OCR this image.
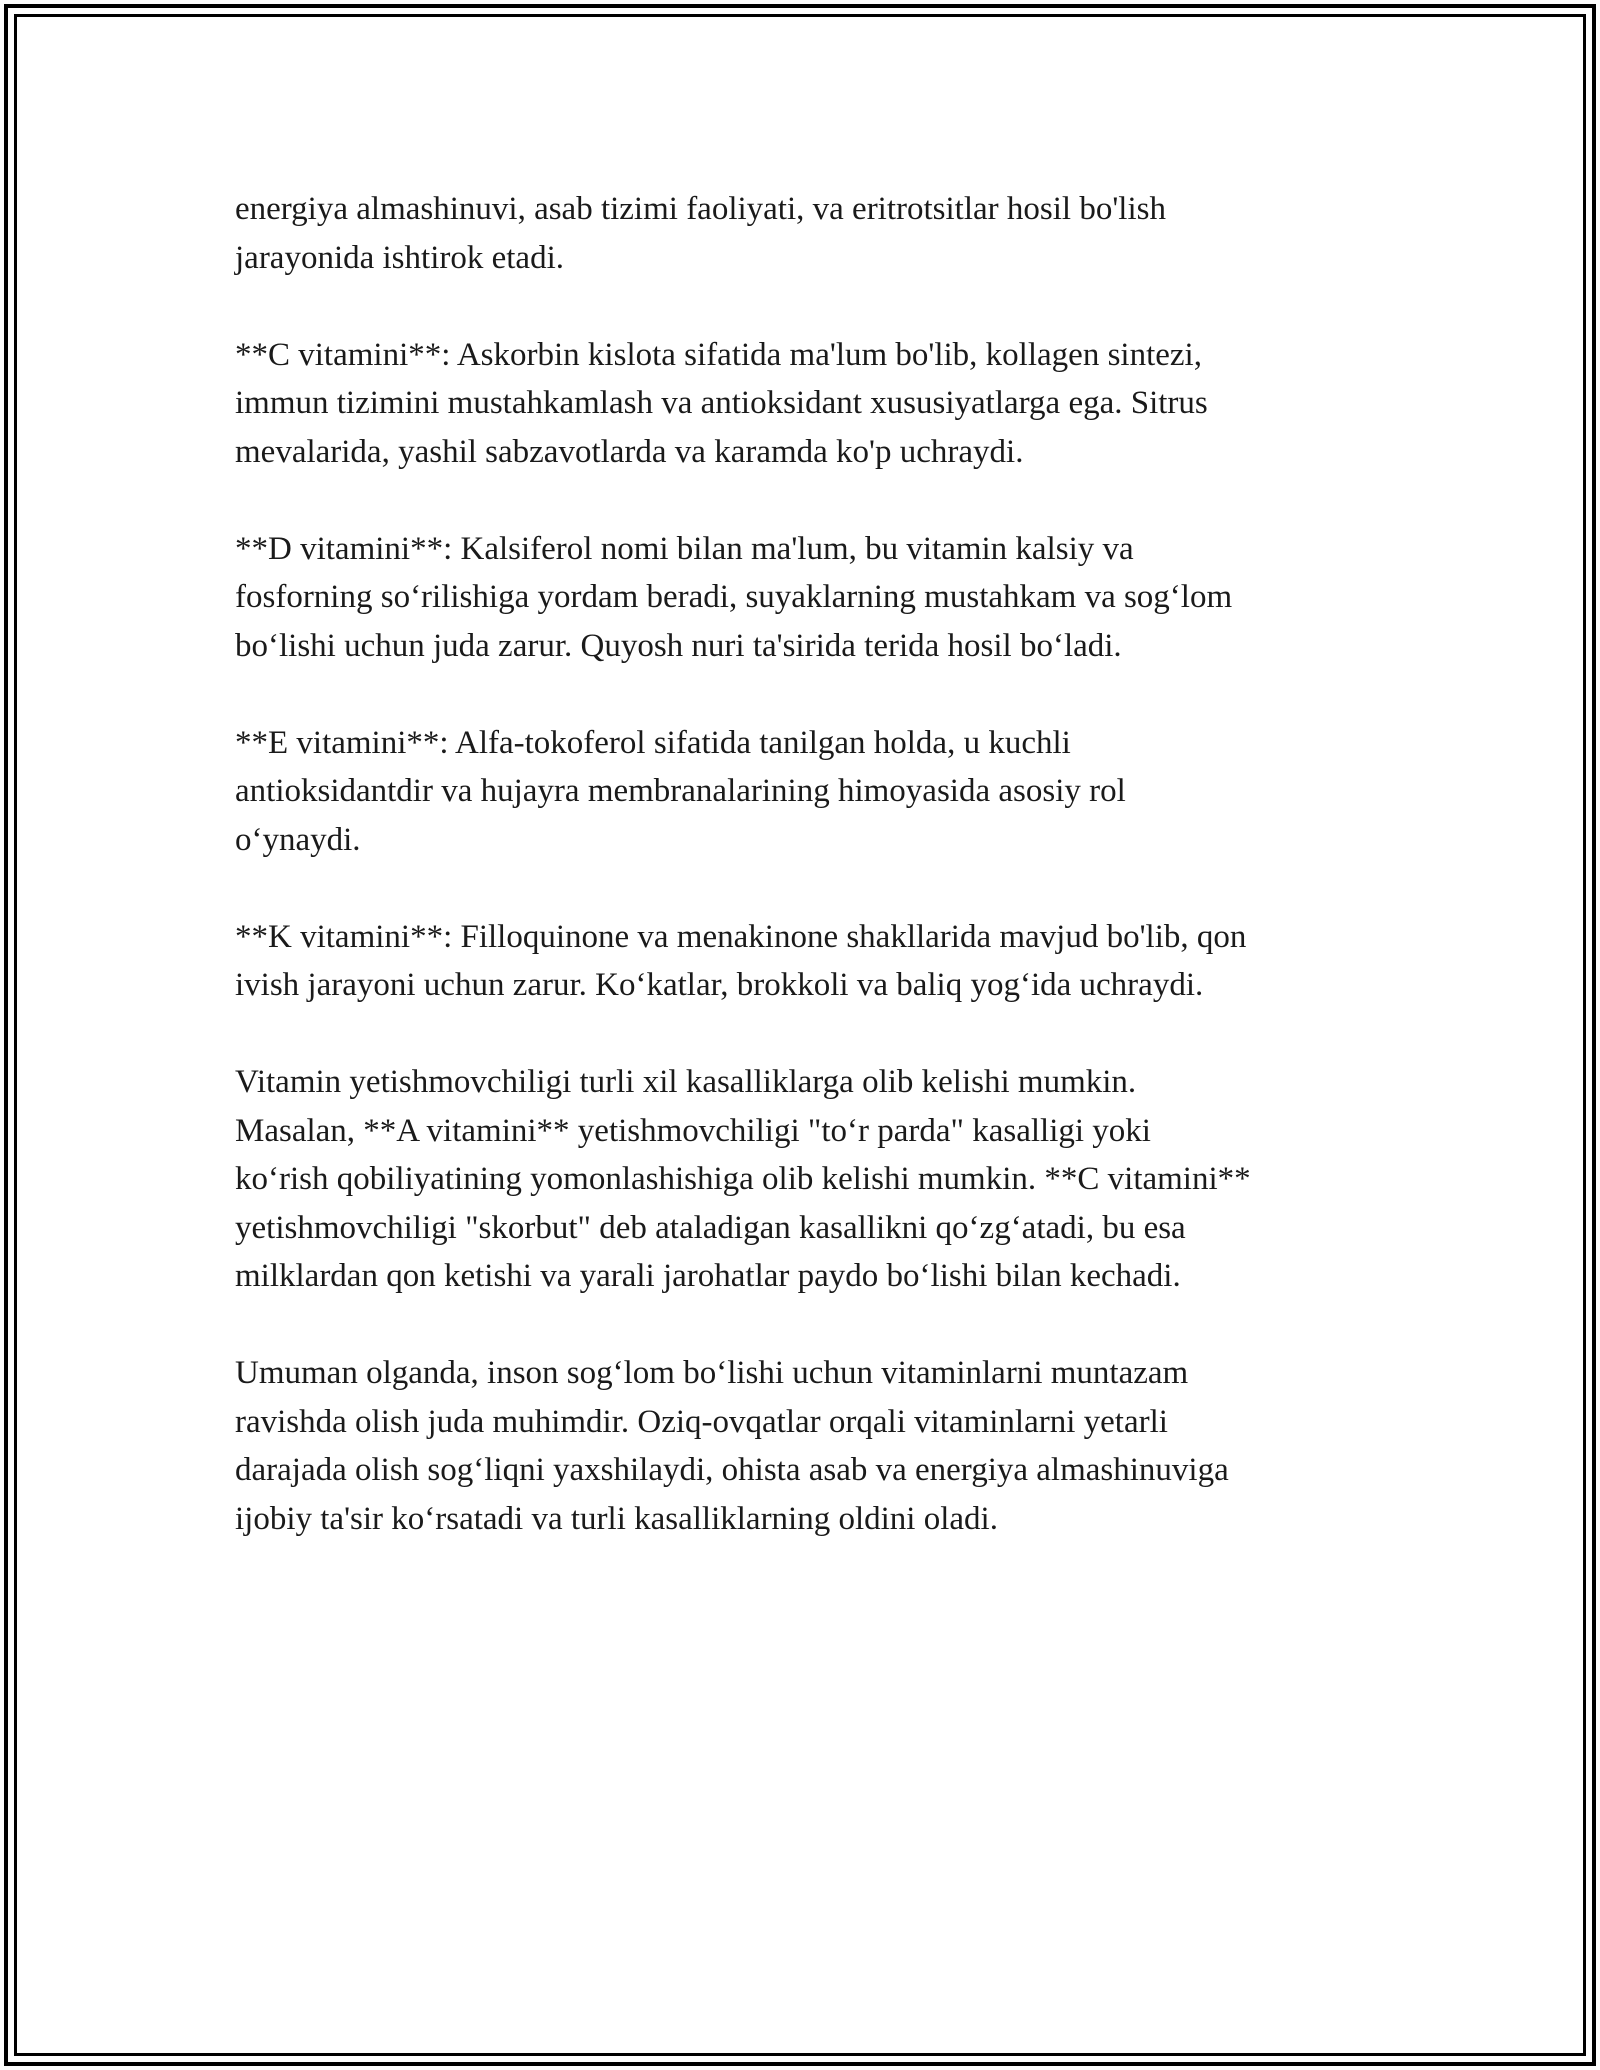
energiya almashinuvi, asab tizimi faoliyati, va eritrotsitlar hosil bo'lish
jarayonida ishtirok etadi.

**C vitamini**: Askorbin kislota sifatida ma'lum bo'lib, kollagen sintezi,
immun tizimini mustahkamlash va antioksidant xususiyatlarga ega. Sitrus
mevalarida, yashil sabzavotlarda va karamda ko'p uchraydi.

**D vitamini**: Kalsiferol nomi bilan ma'lum, bu vitamin kalsiy va
fosforning soʻrilishiga yordam beradi, suyaklarning mustahkam va sogʻlom
boʻlishi uchun juda zarur. Quyosh nuri ta'sirida terida hosil boʻladi.

**E vitamini**: Alfa-tokoferol sifatida tanilgan holda, u kuchli
antioksidantdir va hujayra membranalarining himoyasida asosiy rol
oʻynaydi.

**K vitamini**: Filloquinone va menakinone shakllarida mavjud bo'lib, qon
ivish jarayoni uchun zarur. Koʻkatlar, brokkoli va baliq yogʻida uchraydi.

Vitamin yetishmovchiligi turli xil kasalliklarga olib kelishi mumkin.
Masalan, **A vitamini** yetishmovchiligi "toʻr parda" kasalligi yoki
koʻrish qobiliyatining yomonlashishiga olib kelishi mumkin. **C vitamini**
yetishmovchiligi "skorbut" deb ataladigan kasallikni qoʻzgʻatadi, bu esa
milklardan qon ketishi va yarali jarohatlar paydo boʻlishi bilan kechadi.

Umuman olganda, inson sogʻlom boʻlishi uchun vitaminlarni muntazam
ravishda olish juda muhimdir. Oziq-ovqatlar orqali vitaminlarni yetarli
darajada olish sogʻliqni yaxshilaydi, ohista asab va energiya almashinuviga
ijobiy ta'sir koʻrsatadi va turli kasalliklarning oldini oladi.
